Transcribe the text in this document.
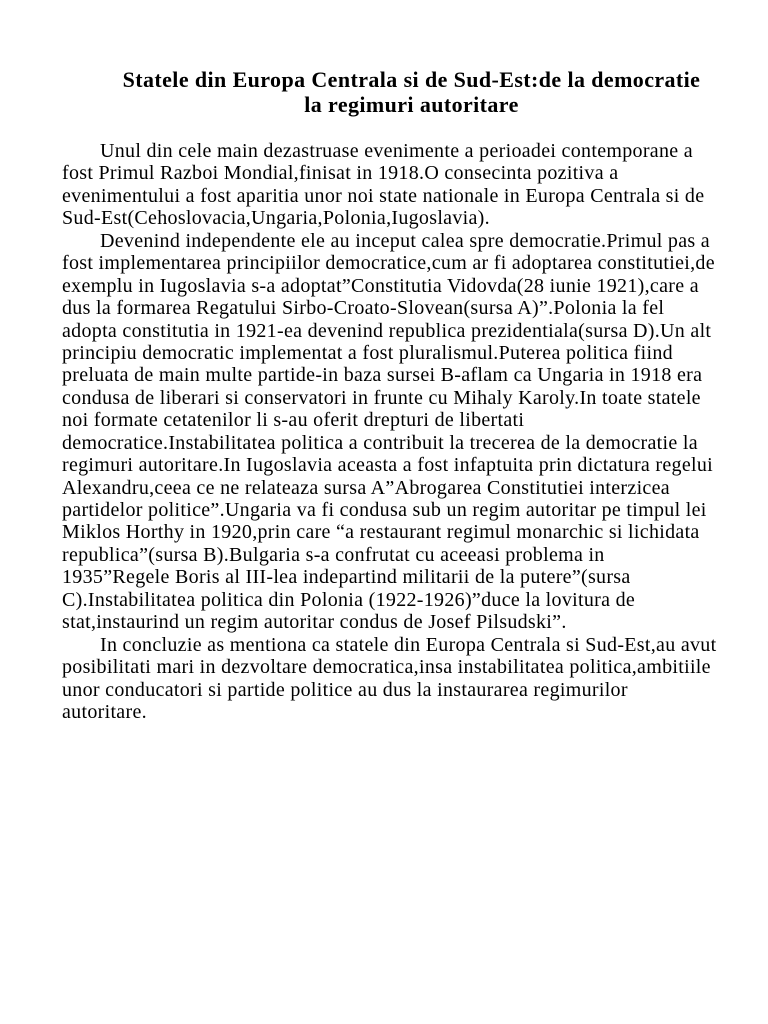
Statele din Europa Centrala si de Sud-Est:de la democratie
la regimuri autoritare
Unul din cele main dezastruase evenimente a perioadei contemporane a
fost Primul Razboi Mondial,finisat in 1918.O consecinta pozitiva a
evenimentului a fost aparitia unor noi state nationale in Europa Centrala si de
Sud-Est(Cehoslovacia,Ungaria,Polonia,Iugoslavia).
Devenind independente ele au inceput calea spre democratie.Primul pas a
fost implementarea principiilor democratice,cum ar fi adoptarea constitutiei,de
exemplu in Iugoslavia s-a adoptat”Constitutia Vidovda(28 iunie 1921),care a
dus la formarea Regatului Sirbo-Croato-Slovean(sursa A)”.Polonia la fel
adopta constitutia in 1921-ea devenind republica prezidentiala(sursa D).Un alt
principiu democratic implementat a fost pluralismul.Puterea politica fiind
preluata de main multe partide-in baza sursei B-aflam ca Ungaria in 1918 era
condusa de liberari si conservatori in frunte cu Mihaly Karoly.In toate statele
noi formate cetatenilor li s-au oferit drepturi de libertati
democratice.Instabilitatea politica a contribuit la trecerea de la democratie la
regimuri autoritare.In Iugoslavia aceasta a fost infaptuita prin dictatura regelui
Alexandru,ceea ce ne relateaza sursa A”Abrogarea Constitutiei interzicea
partidelor politice”.Ungaria va fi condusa sub un regim autoritar pe timpul lei
Miklos Horthy in 1920,prin care “a restaurant regimul monarchic si lichidata
republica”(sursa B).Bulgaria s-a confrutat cu aceeasi problema in
1935”Regele Boris al III-lea indepartind militarii de la putere”(sursa
C).Instabilitatea politica din Polonia (1922-1926)”duce la lovitura de
stat,instaurind un regim autoritar condus de Josef Pilsudski”.
In concluzie as mentiona ca statele din Europa Centrala si Sud-Est,au avut
posibilitati mari in dezvoltare democratica,insa instabilitatea politica,ambitiile
unor conducatori si partide politice au dus la instaurarea regimurilor
autoritare.
